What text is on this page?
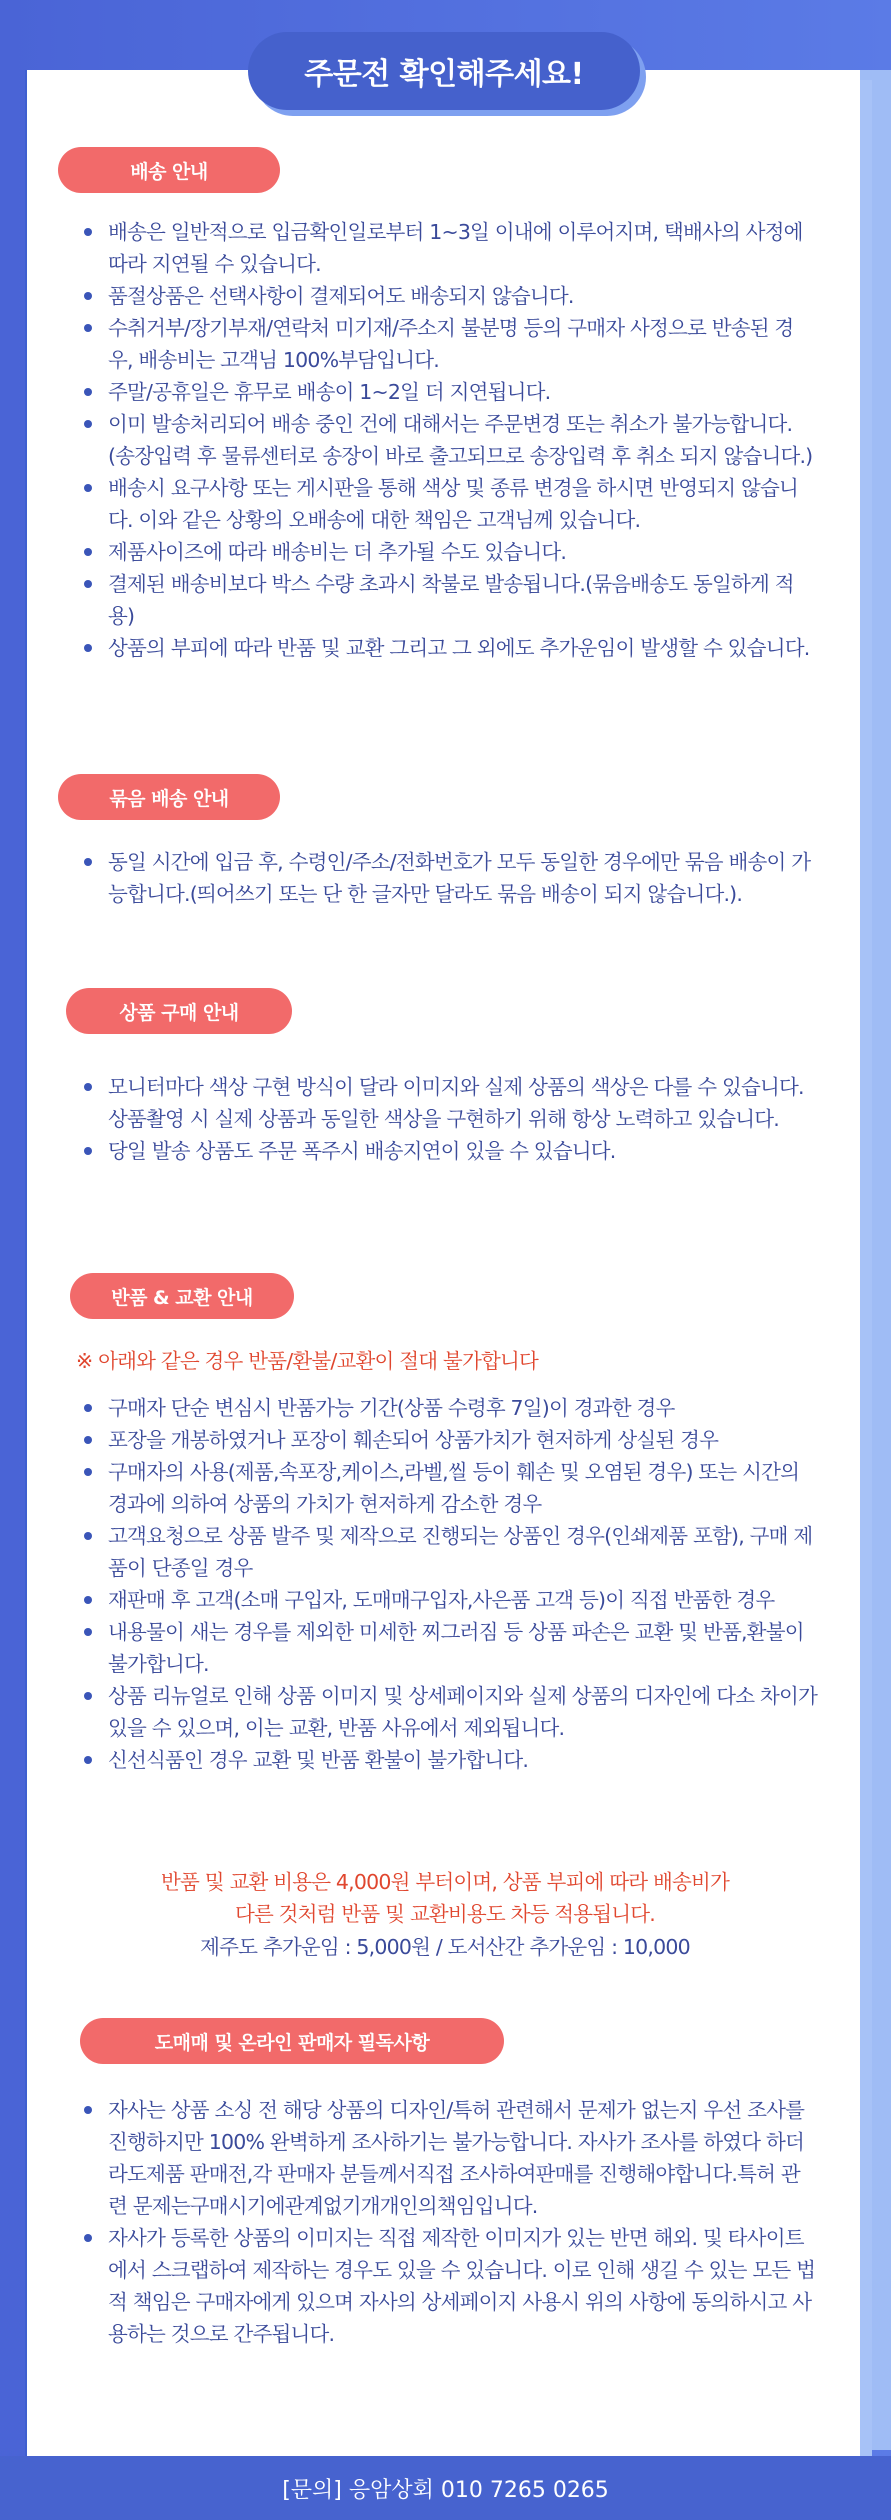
주문전 확인해주세요!
배송 안내
배송은 일반적으로 입금확인일로부터 1~3일 이내에 이루어지며, 택배사의 사정에 따라 지연될 수 있습니다.
품절상품은 선택사항이 결제되어도 배송되지 않습니다.
수취거부/장기부재/연락처 미기재/주소지 불분명 등의 구매자 사정으로 반송된 경우, 배송비는 고객님 100%부담입니다.
주말/공휴일은 휴무로 배송이 1~2일 더 지연됩니다.
이미 발송처리되어 배송 중인 건에 대해서는 주문변경 또는 취소가 불가능합니다.(송장입력 후 물류센터로 송장이 바로 출고되므로 송장입력 후 취소 되지 않습니다.)
배송시 요구사항 또는 게시판을 통해 색상 및 종류 변경을 하시면 반영되지 않습니다. 이와 같은 상황의 오배송에 대한 책임은 고객님께 있습니다.
제품사이즈에 따라 배송비는 더 추가될 수도 있습니다.
결제된 배송비보다 박스 수량 초과시 착불로 발송됩니다.(묶음배송도 동일하게 적용)
상품의 부피에 따라 반품 및 교환 그리고 그 외에도 추가운임이 발생할 수 있습니다.
묶음 배송 안내
동일 시간에 입금 후, 수령인/주소/전화번호가 모두 동일한 경우에만 묶음 배송이 가능합니다.(띄어쓰기 또는 단 한 글자만 달라도 묶음 배송이 되지 않습니다.).
상품 구매 안내
모니터마다 색상 구현 방식이 달라 이미지와 실제 상품의 색상은 다를 수 있습니다. 상품촬영 시 실제 상품과 동일한 색상을 구현하기 위해 항상 노력하고 있습니다.
당일 발송 상품도 주문 폭주시 배송지연이 있을 수 있습니다.
반품 & 교환 안내
※ 아래와 같은 경우 반품/환불/교환이 절대 불가합니다
구매자 단순 변심시 반품가능 기간(상품 수령후 7일)이 경과한 경우
포장을 개봉하였거나 포장이 훼손되어 상품가치가 현저하게 상실된 경우
구매자의 사용(제품,속포장,케이스,라벨,씰 등이 훼손 및 오염된 경우) 또는 시간의 경과에 의하여 상품의 가치가 현저하게 감소한 경우
고객요청으로 상품 발주 및 제작으로 진행되는 상품인 경우(인쇄제품 포함), 구매 제품이 단종일 경우
재판매 후 고객(소매 구입자, 도매매구입자,사은품 고객 등)이 직접 반품한 경우
내용물이 새는 경우를 제외한 미세한 찌그러짐 등 상품 파손은 교환 및 반품,환불이 불가합니다.
상품 리뉴얼로 인해 상품 이미지 및 상세페이지와 실제 상품의 디자인에 다소 차이가 있을 수 있으며, 이는 교환, 반품 사유에서 제외됩니다.
신선식품인 경우 교환 및 반품 환불이 불가합니다.
반품 및 교환 비용은 4,000원 부터이며, 상품 부피에 따라 배송비가
다른 것처럼 반품 및 교환비용도 차등 적용됩니다.
제주도 추가운임 : 5,000원 / 도서산간 추가운임 : 10,000
도매매 및 온라인 판매자 필독사항
자사는 상품 소싱 전 해당 상품의 디자인/특허 관련해서 문제가 없는지 우선 조사를 진행하지만 100% 완벽하게 조사하기는 불가능합니다. 자사가 조사를 하였다 하더라도제품 판매전,각 판매자 분들께서직접 조사하여판매를 진행해야합니다.특허 관련 문제는구매시기에관계없기개개인의책임입니다.
자사가 등록한 상품의 이미지는 직접 제작한 이미지가 있는 반면 해외. 및 타사이트에서 스크랩하여 제작하는 경우도 있을 수 있습니다. 이로 인해 생길 수 있는 모든 법적 책임은 구매자에게 있으며 자사의 상세페이지 사용시 위의 사항에 동의하시고 사용하는 것으로 간주됩니다.
[문의] 응암상회 010 7265 0265
